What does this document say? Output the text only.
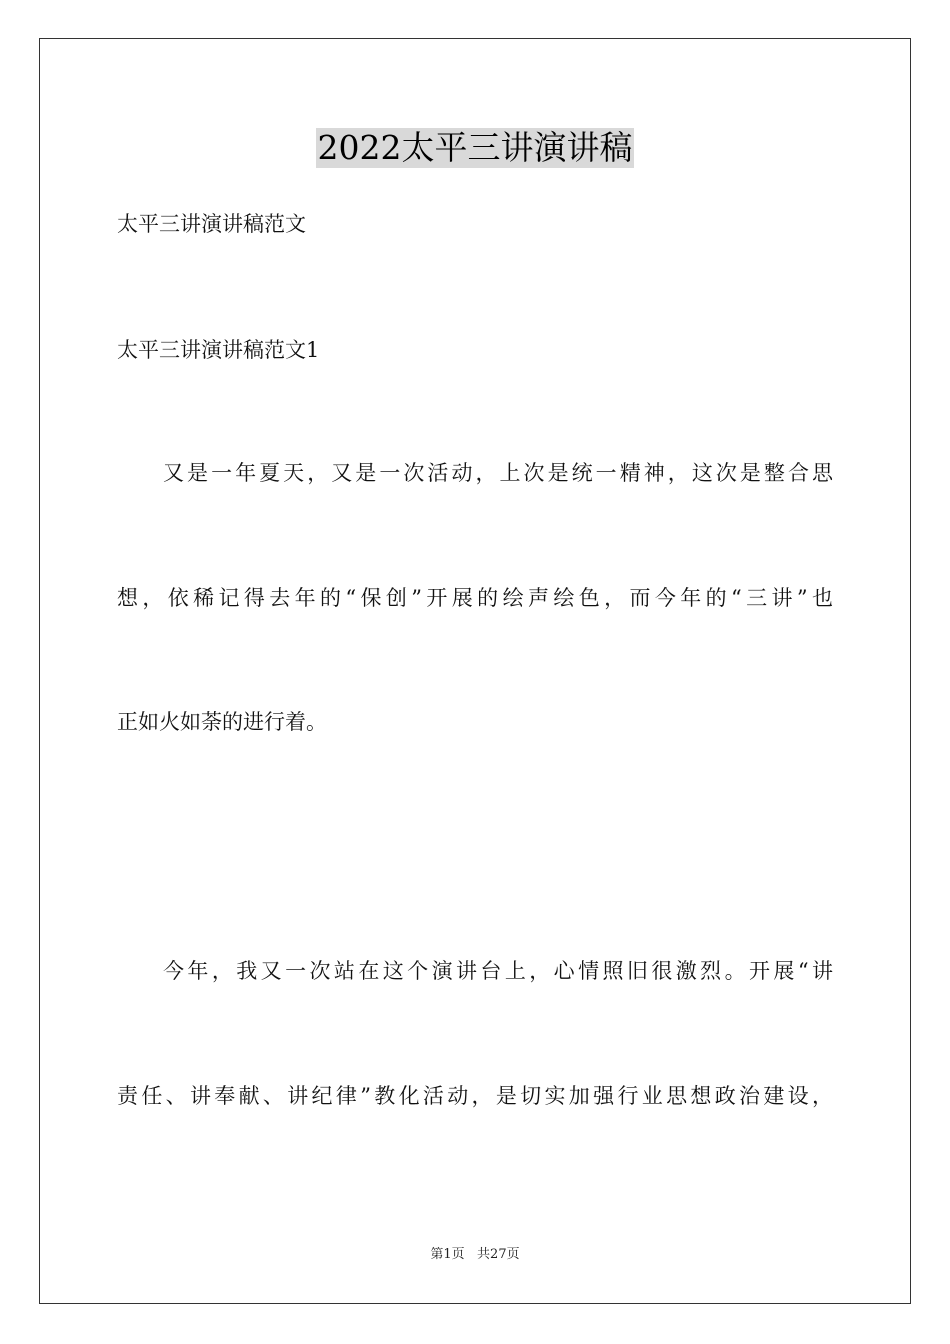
2022太平三讲演讲稿
太平三讲演讲稿范文
太平三讲演讲稿范文1
又是一年夏天，又是一次活动，上次是统一精神，这次是整合思
想，依稀记得去年的“保创”开展的绘声绘色，而今年的“三讲”也
正如火如荼的进行着。
今年，我又一次站在这个演讲台上，心情照旧很激烈。开展“讲
责任、讲奉献、讲纪律”教化活动，是切实加强行业思想政治建设，
第1页   共27页
